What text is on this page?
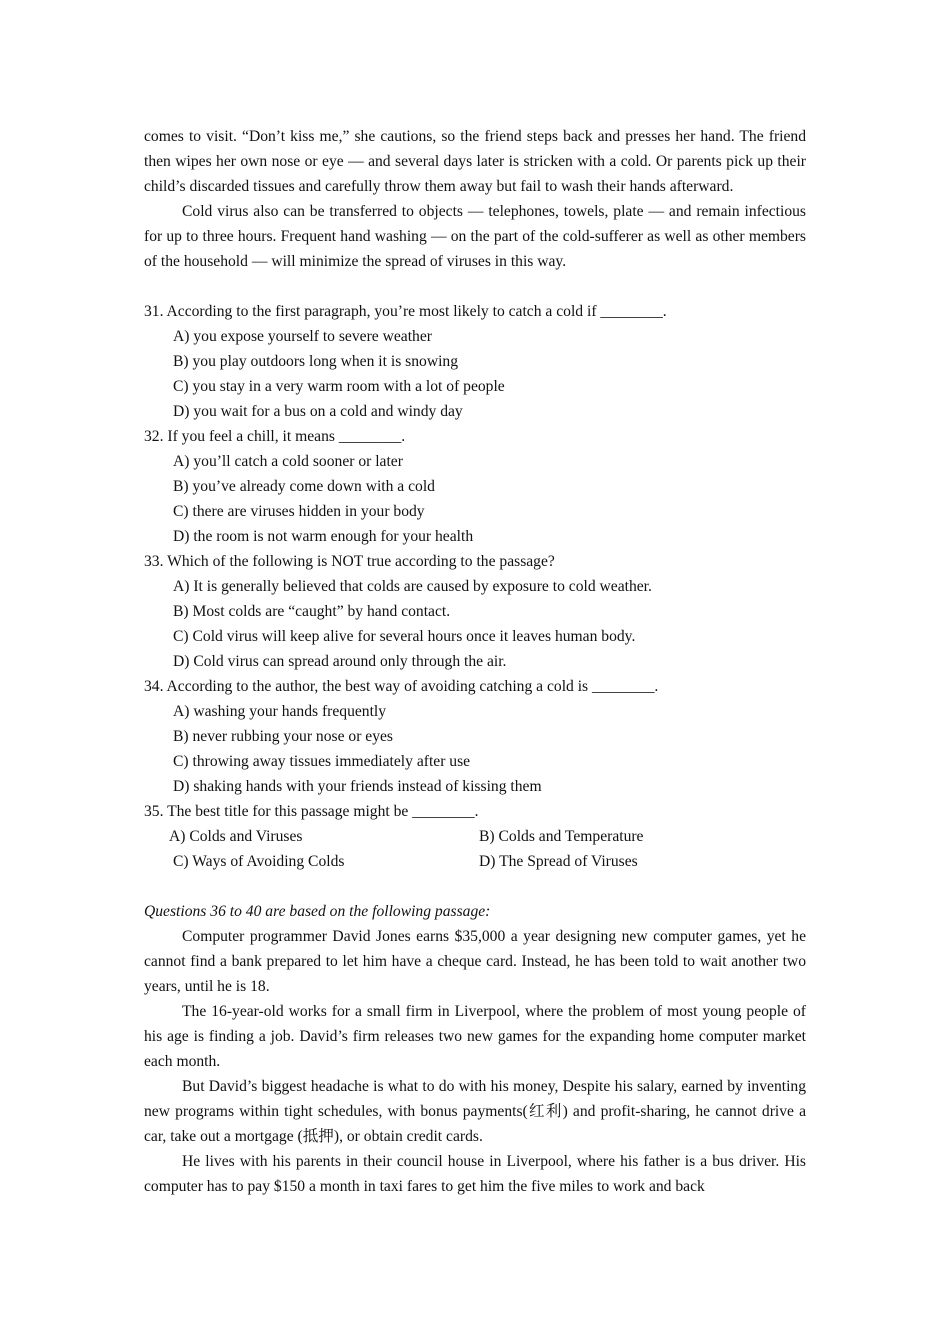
comes to visit. “Don’t kiss me,” she cautions, so the friend steps back and presses her hand. The friend then wipes her own nose or eye — and several days later is stricken with a cold. Or parents pick up their child’s discarded tissues and carefully throw them away but fail to wash their hands afterward.

Cold virus also can be transferred to objects — telephones, towels, plate — and remain infectious for up to three hours. Frequent hand washing — on the part of the cold-sufferer as well as other members of the household — will minimize the spread of viruses in this way.

31. According to the first paragraph, you’re most likely to catch a cold if ________.

A) you expose yourself to severe weather

B) you play outdoors long when it is snowing

C) you stay in a very warm room with a lot of people

D) you wait for a bus on a cold and windy day

32. If you feel a chill, it means ________.

A) you’ll catch a cold sooner or later

B) you’ve already come down with a cold

C) there are viruses hidden in your body

D) the room is not warm enough for your health

33. Which of the following is NOT true according to the passage?

A) It is generally believed that colds are caused by exposure to cold weather.

B) Most colds are “caught” by hand contact.

C) Cold virus will keep alive for several hours once it leaves human body.

D) Cold virus can spread around only through the air.

34. According to the author, the best way of avoiding catching a cold is ________.

A) washing your hands frequently

B) never rubbing your nose or eyes

C) throwing away tissues immediately after use

D) shaking hands with your friends instead of kissing them

35. The best title for this passage might be ________.

A) Colds and Viruses	B) Colds and Temperature
C) Ways of Avoiding Colds	D) The Spread of Viruses

Questions 36 to 40 are based on the following passage:

Computer programmer David Jones earns $35,000 a year designing new computer games, yet he cannot find a bank prepared to let him have a cheque card. Instead, he has been told to wait another two years, until he is 18.

The 16-year-old works for a small firm in Liverpool, where the problem of most young people of his age is finding a job. David’s firm releases two new games for the expanding home computer market each month.

But David’s biggest headache is what to do with his money, Despite his salary, earned by inventing new programs within tight schedules, with bonus payments(红利) and profit-sharing, he cannot drive a car, take out a mortgage (抵押), or obtain credit cards.

He lives with his parents in their council house in Liverpool, where his father is a bus driver. His computer has to pay $150 a month in taxi fares to get him the five miles to work and back
